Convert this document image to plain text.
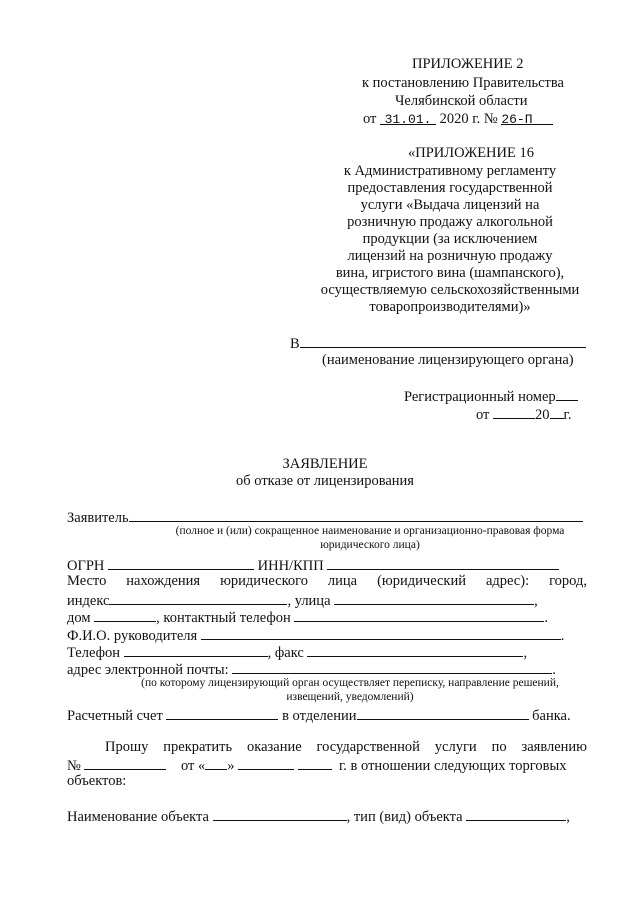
ПРИЛОЖЕНИЕ 2
к постановлению Правительства
Челябинской области
от 31.01. 2020 г. № 26-П
«ПРИЛОЖЕНИЕ 16
к Административному регламенту
предоставления государственной
услуги «Выдача лицензий на
розничную продажу алкогольной
продукции (за исключением
лицензий на розничную продажу
вина, игристого вина (шампанского),
осуществляемую сельскохозяйственными
товаропроизводителями)»
В
(наименование лицензирующего органа)
Регистрационный номер
от	20 г.
ЗАЯВЛЕНИЕ
об отказе от лицензирования
Заявитель
(полное и (или) сокращенное наименование и организационно-правовая форма
юридического лица)
ОГРН	ИНН/КПП
Место нахождения юридического лица (юридический адрес): город,
индекс	, улица	,
дом	, контактный телефон	.
Ф.И.О. руководителя	.
Телефон	, факс	,
адрес электронной почты:	.
(по которому лицензирующий орган осуществляет переписку, направление решений,
извещений, уведомлений)
Расчетный счет	в отделении	банка.
Прошу прекратить оказание государственной услуги по заявлению
№	от « »	г. в отношении следующих торговых
объектов:
Наименование объекта	, тип (вид) объекта	,
